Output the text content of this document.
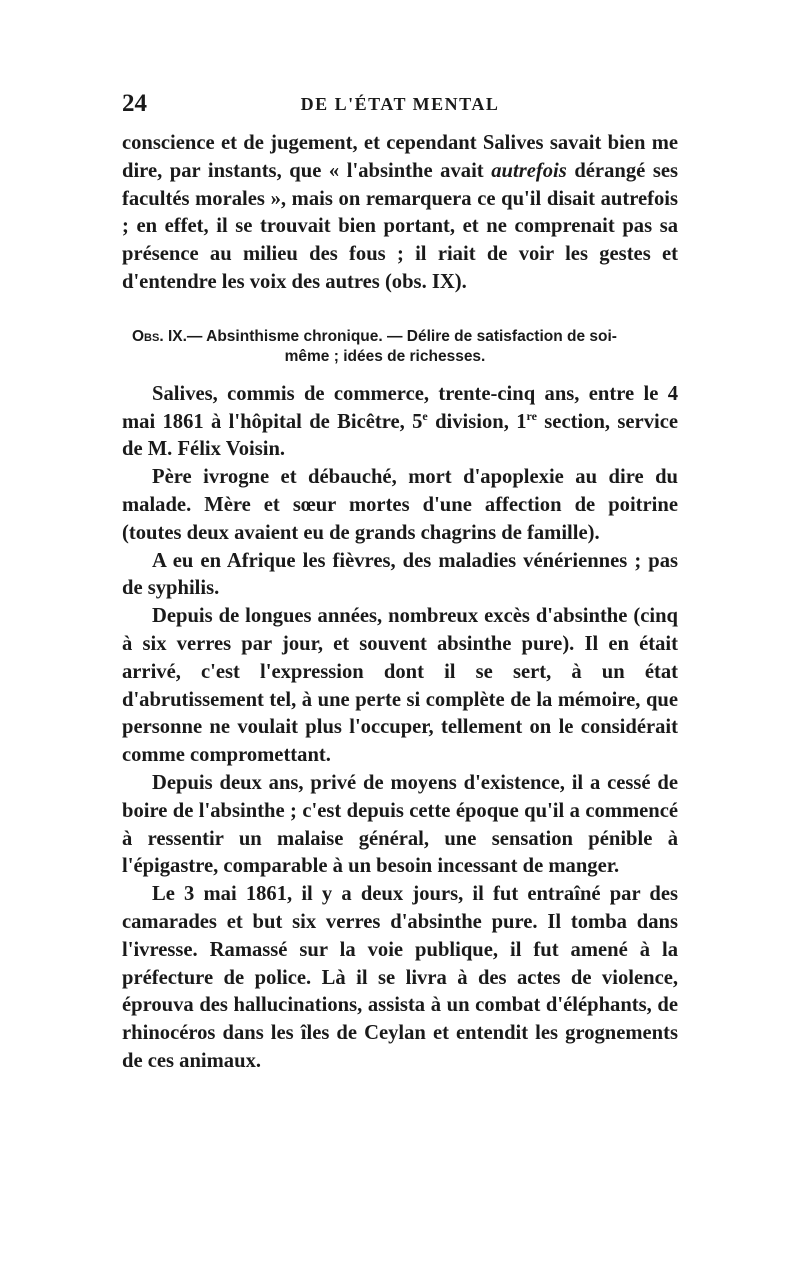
24	DE L'ÉTAT MENTAL

conscience et de jugement, et cependant Salives savait bien me dire, par instants, que « l'absinthe avait autrefois dérangé ses facultés morales », mais on remarquera ce qu'il disait autrefois ; en effet, il se trouvait bien portant, et ne comprenait pas sa présence au milieu des fous ; il riait de voir les gestes et d'entendre les voix des autres (obs. IX).

Obs. IX.— Absinthisme chronique. — Délire de satisfaction de soi-
même ; idées de richesses.

Salives, commis de commerce, trente-cinq ans, entre le 4 mai 1861 à l'hôpital de Bicêtre, 5e division, 1re section, service de M. Félix Voisin.

Père ivrogne et débauché, mort d'apoplexie au dire du malade. Mère et sœur mortes d'une affection de poitrine (toutes deux avaient eu de grands chagrins de famille).

A eu en Afrique les fièvres, des maladies vénériennes ; pas de syphilis.

Depuis de longues années, nombreux excès d'absinthe (cinq à six verres par jour, et souvent absinthe pure). Il en était arrivé, c'est l'expression dont il se sert, à un état d'abrutissement tel, à une perte si complète de la mémoire, que personne ne voulait plus l'occuper, tellement on le considérait comme compromettant.

Depuis deux ans, privé de moyens d'existence, il a cessé de boire de l'absinthe ; c'est depuis cette époque qu'il a commencé à ressentir un malaise général, une sensation pénible à l'épigastre, comparable à un besoin incessant de manger.

Le 3 mai 1861, il y a deux jours, il fut entraîné par des camarades et but six verres d'absinthe pure. Il tomba dans l'ivresse. Ramassé sur la voie publique, il fut amené à la préfecture de police. Là il se livra à des actes de violence, éprouva des hallucinations, assista à un combat d'éléphants, de rhinocéros dans les îles de Ceylan et entendit les grognements de ces animaux.
